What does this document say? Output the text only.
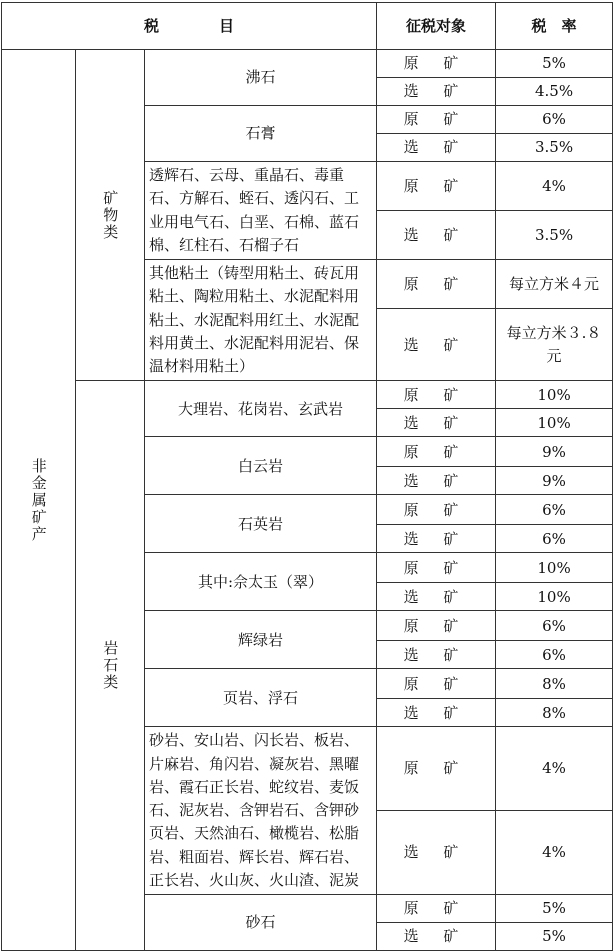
税　　　　目			征税对象	税　率
非金属矿产	矿物类	沸石	原 矿	5%
			选 矿	4.5%
		石膏	原 矿	6%
			选 矿	3.5%
		透辉石、云母、重晶石、毒重石、方解石、蛭石、透闪石、工业用电气石、白垩、石棉、蓝石棉、红柱石、石榴子石	原 矿	4%
			选 矿	3.5%
		其他粘土（铸型用粘土、砖瓦用粘土、陶粒用粘土、水泥配料用粘土、水泥配料用红土、水泥配料用黄土、水泥配料用泥岩、保温材料用粘土）	原 矿	每立方米４元
			选 矿	每立方米３.８元
	岩石类	大理岩、花岗岩、玄武岩	原 矿	10%
			选 矿	10%
		白云岩	原 矿	9%
			选 矿	9%
		石英岩	原 矿	6%
			选 矿	6%
		其中:佘太玉（翠）	原 矿	10%
			选 矿	10%
		辉绿岩	原 矿	6%
			选 矿	6%
		页岩、浮石	原 矿	8%
			选 矿	8%
		砂岩、安山岩、闪长岩、板岩、片麻岩、角闪岩、凝灰岩、黑曜岩、霞石正长岩、蛇纹岩、麦饭石、泥灰岩、含钾岩石、含钾砂页岩、天然油石、橄榄岩、松脂岩、粗面岩、辉长岩、辉石岩、正长岩、火山灰、火山渣、泥炭	原 矿	4%
			选 矿	4%
		砂石	原 矿	5%
			选 矿	5%
